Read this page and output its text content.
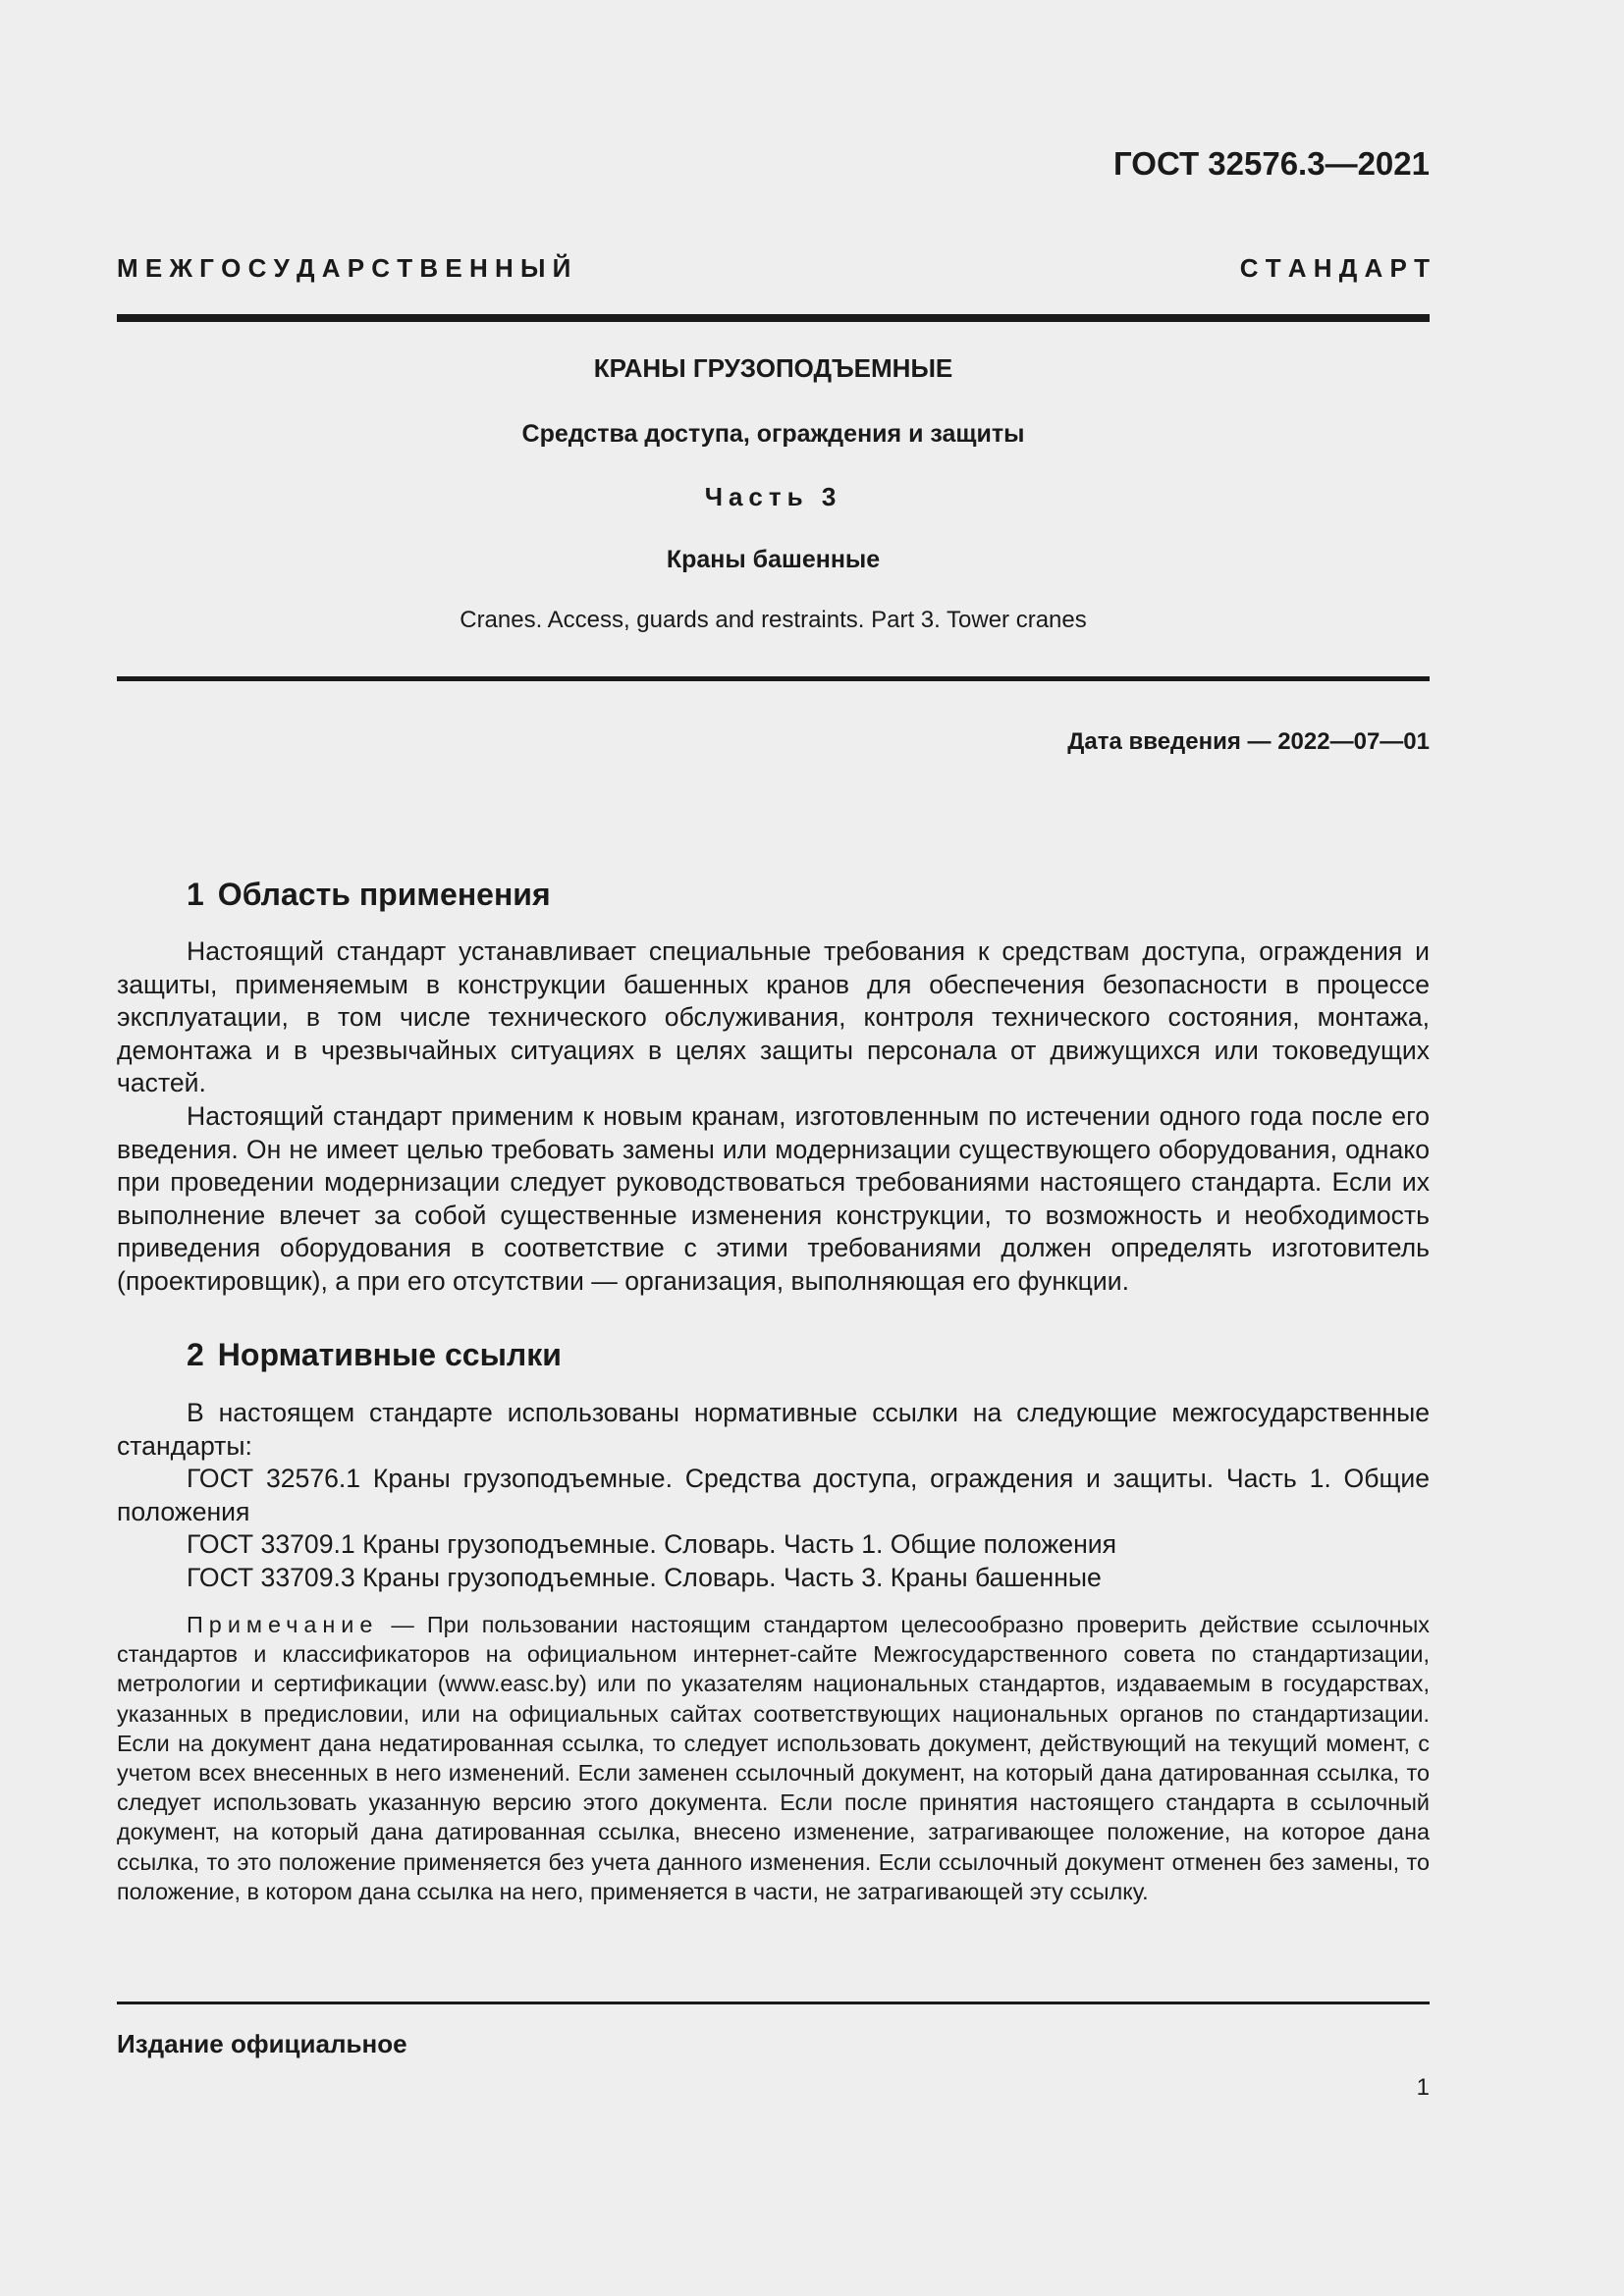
ГОСТ 32576.3—2021
М Е Ж Г О С У Д А Р С Т В Е Н Н Ы Й	С Т А Н Д А Р Т
КРАНЫ ГРУЗОПОДЪЕМНЫЕ
Средства доступа, ограждения и защиты
Часть 3
Краны башенные
Cranes. Access, guards and restraints. Part 3. Tower cranes
Дата введения — 2022—07—01
1 Область применения

Настоящий стандарт устанавливает специальные требования к средствам доступа, ограждения и защиты, применяемым в конструкции башенных кранов для обеспечения безопасности в процессе эксплуатации, в том числе технического обслуживания, контроля технического состояния, монтажа, демонтажа и в чрезвычайных ситуациях в целях защиты персонала от движущихся или токоведущих частей.

Настоящий стандарт применим к новым кранам, изготовленным по истечении одного года после его введения. Он не имеет целью требовать замены или модернизации существующего оборудования, однако при проведении модернизации следует руководствоваться требованиями настоящего стандарта. Если их выполнение влечет за собой существенные изменения конструкции, то возможность и необходимость приведения оборудования в соответствие с этими требованиями должен определять изготовитель (проектировщик), а при его отсутствии — организация, выполняющая его функции.

2 Нормативные ссылки

В настоящем стандарте использованы нормативные ссылки на следующие межгосударственные стандарты:

ГОСТ 32576.1 Краны грузоподъемные. Средства доступа, ограждения и защиты. Часть 1. Общие положения

ГОСТ 33709.1 Краны грузоподъемные. Словарь. Часть 1. Общие положения

ГОСТ 33709.3 Краны грузоподъемные. Словарь. Часть 3. Краны башенные

Примечание — При пользовании настоящим стандартом целесообразно проверить действие ссылочных стандартов и классификаторов на официальном интернет-сайте Межгосударственного совета по стандартизации, метрологии и сертификации (www.easc.by) или по указателям национальных стандартов, издаваемым в государствах, указанных в предисловии, или на официальных сайтах соответствующих национальных органов по стандартизации. Если на документ дана недатированная ссылка, то следует использовать документ, действующий на текущий момент, с учетом всех внесенных в него изменений. Если заменен ссылочный документ, на который дана датированная ссылка, то следует использовать указанную версию этого документа. Если после принятия настоящего стандарта в ссылочный документ, на который дана датированная ссылка, внесено изменение, затрагивающее положение, на которое дана ссылка, то это положение применяется без учета данного изменения. Если ссылочный документ отменен без замены, то положение, в котором дана ссылка на него, применяется в части, не затрагивающей эту ссылку.

Издание официальное
1
